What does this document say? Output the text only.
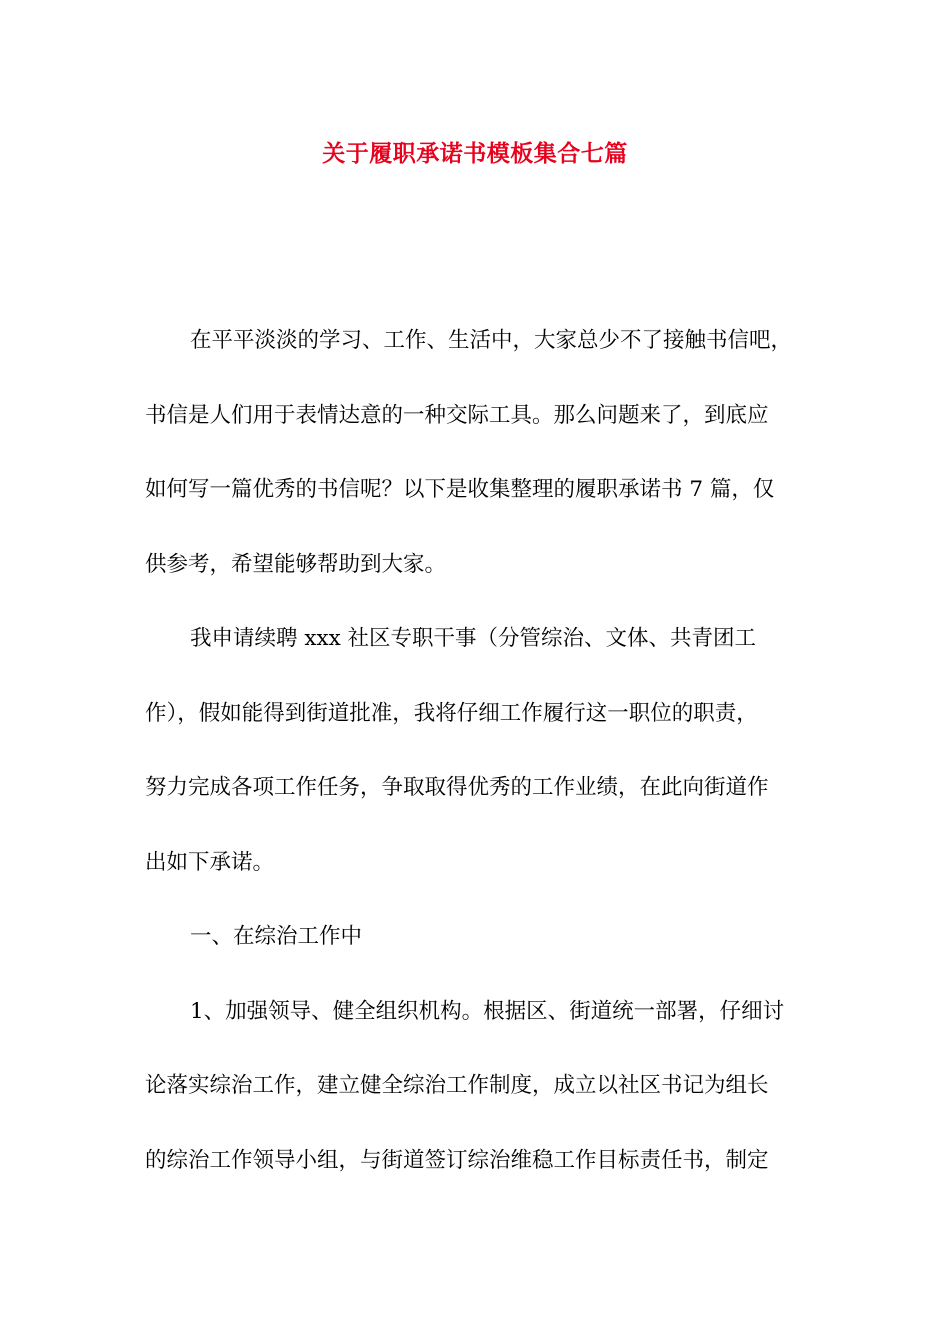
关于履职承诺书模板集合七篇
在平平淡淡的学习、工作、生活中，大家总少不了接触书信吧，
书信是人们用于表情达意的一种交际工具。那么问题来了，到底应
如何写一篇优秀的书信呢？以下是收集整理的履职承诺书 7 篇，仅
供参考，希望能够帮助到大家。
我申请续聘 xxx 社区专职干事（分管综治、文体、共青团工
作），假如能得到街道批准，我将仔细工作履行这一职位的职责，
努力完成各项工作任务，争取取得优秀的工作业绩，在此向街道作
出如下承诺。
一、在综治工作中
1、加强领导、健全组织机构。根据区、街道统一部署，仔细讨
论落实综治工作，建立健全综治工作制度，成立以社区书记为组长
的综治工作领导小组，与街道签订综治维稳工作目标责任书，制定
